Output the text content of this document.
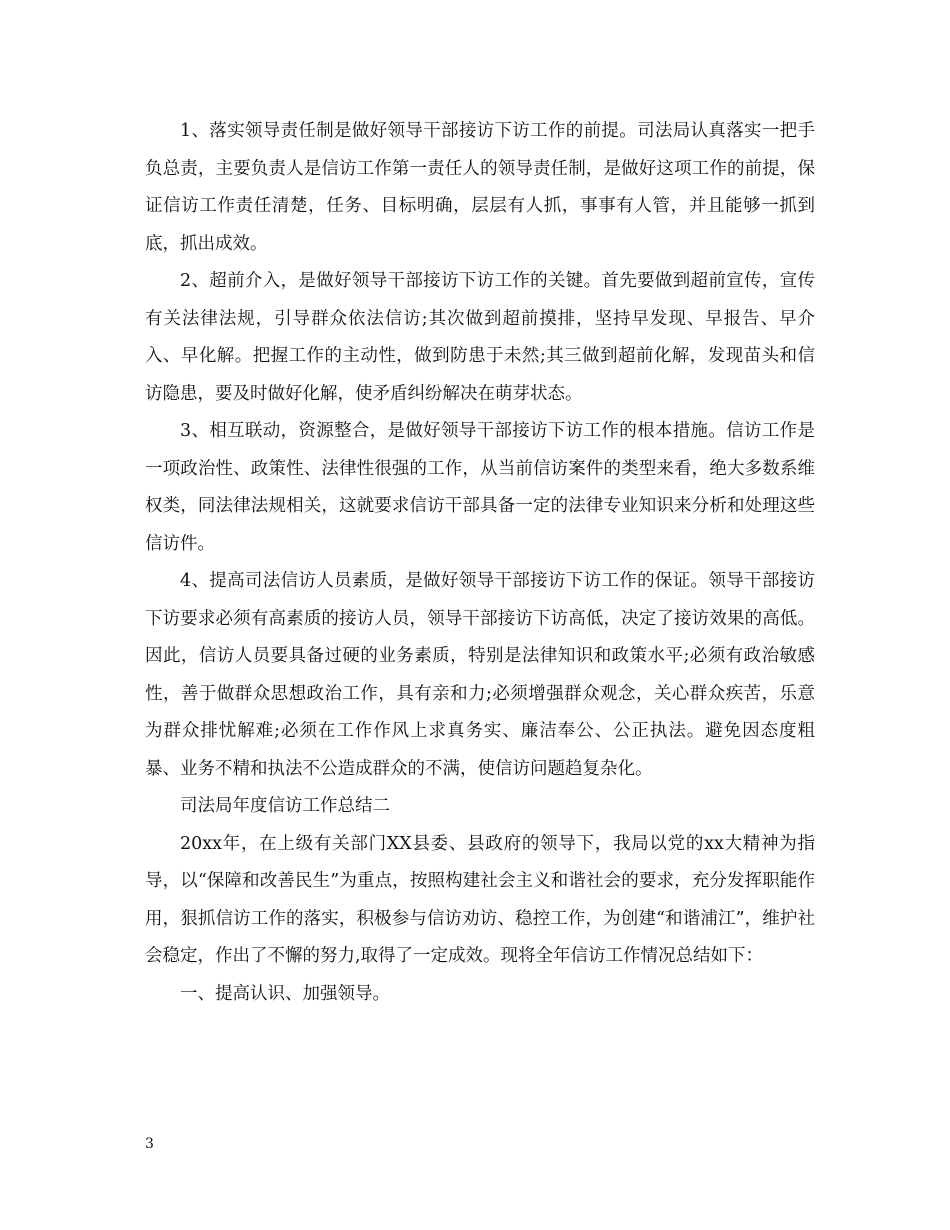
1、落实领导责任制是做好领导干部接访下访工作的前提。司法局认真落实一把手负总责，主要负责人是信访工作第一责任人的领导责任制，是做好这项工作的前提，保证信访工作责任清楚，任务、目标明确，层层有人抓，事事有人管，并且能够一抓到底，抓出成效。

2、超前介入，是做好领导干部接访下访工作的关键。首先要做到超前宣传，宣传有关法律法规，引导群众依法信访;其次做到超前摸排，坚持早发现、早报告、早介入、早化解。把握工作的主动性，做到防患于未然;其三做到超前化解，发现苗头和信访隐患，要及时做好化解，使矛盾纠纷解决在萌芽状态。

3、相互联动，资源整合，是做好领导干部接访下访工作的根本措施。信访工作是一项政治性、政策性、法律性很强的工作，从当前信访案件的类型来看，绝大多数系维权类，同法律法规相关，这就要求信访干部具备一定的法律专业知识来分析和处理这些信访件。

4、提高司法信访人员素质，是做好领导干部接访下访工作的保证。领导干部接访下访要求必须有高素质的接访人员，领导干部接访下访高低，决定了接访效果的高低。因此，信访人员要具备过硬的业务素质，特别是法律知识和政策水平;必须有政治敏感性，善于做群众思想政治工作，具有亲和力;必须增强群众观念，关心群众疾苦，乐意为群众排忧解难;必须在工作作风上求真务实、廉洁奉公、公正执法。避免因态度粗暴、业务不精和执法不公造成群众的不满，使信访问题趋复杂化。

司法局年度信访工作总结二

20xx年，在上级有关部门XX县委、县政府的领导下，我局以党的xx大精神为指导，以“保障和改善民生”为重点，按照构建社会主义和谐社会的要求，充分发挥职能作用，狠抓信访工作的落实，积极参与信访劝访、稳控工作，为创建“和谐浦江”，维护社会稳定，作出了不懈的努力,取得了一定成效。现将全年信访工作情况总结如下：

一、提高认识、加强领导。

3
